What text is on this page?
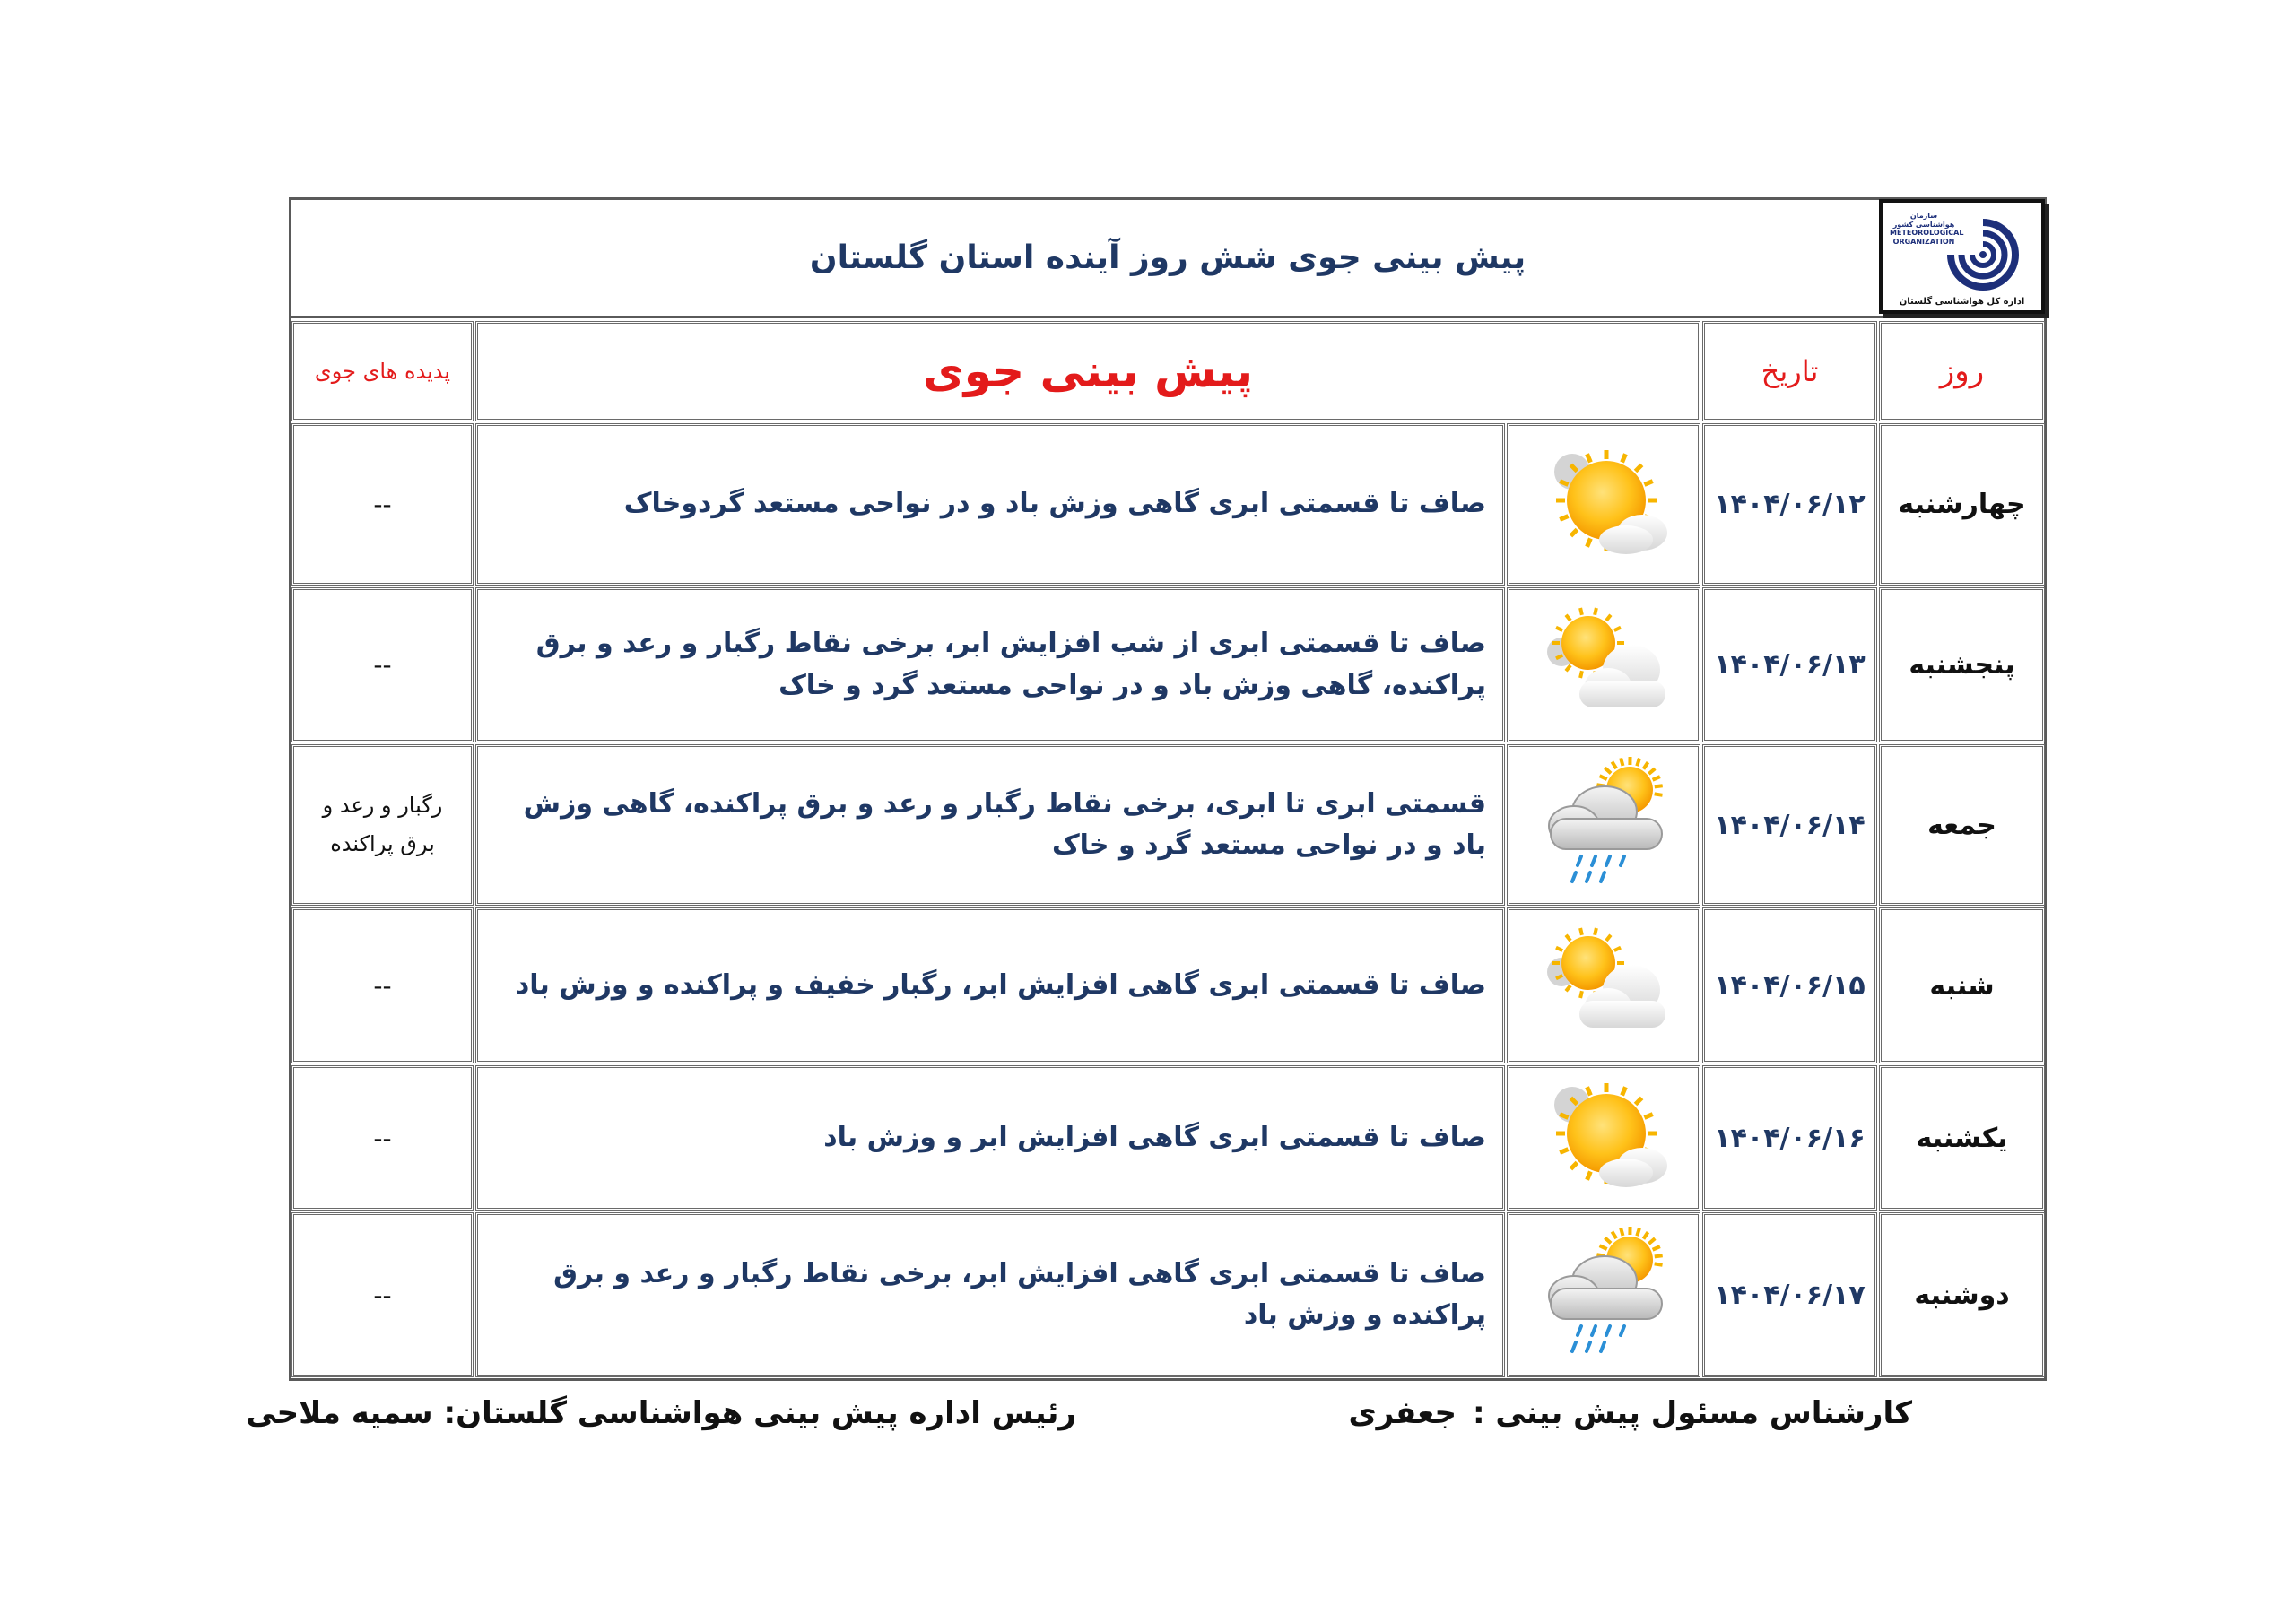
پیش بینی جوی شش روز آینده استان گلستان
سازمان هواشناسی کشور
METEOROLOGICAL ORGANIZATION
اداره کل هواشناسی گلستان
روز
تاریخ
پیش بینی جوی
پدیده های جوی
چهارشنبه
۱۴۰۴/۰۶/۱۲
صاف تا قسمتی ابری گاهی وزش باد و در نواحی مستعد گردوخاک
--
پنجشنبه
۱۴۰۴/۰۶/۱۳
صاف تا قسمتی ابری از شب افزایش ابر، برخی نقاط رگبار و رعد و برق پراکنده، گاهی وزش باد و در نواحی مستعد گرد و خاک
--
جمعه
۱۴۰۴/۰۶/۱۴
قسمتی ابری تا ابری، برخی نقاط رگبار و رعد و برق پراکنده، گاهی وزش باد و در نواحی مستعد گرد و خاک
رگبار و رعد و برق پراکنده
شنبه
۱۴۰۴/۰۶/۱۵
صاف تا قسمتی ابری گاهی افزایش ابر، رگبار خفیف و پراکنده و وزش باد
--
یکشنبه
۱۴۰۴/۰۶/۱۶
صاف تا قسمتی ابری گاهی افزایش ابر و وزش باد
--
دوشنبه
۱۴۰۴/۰۶/۱۷
صاف تا قسمتی ابری گاهی افزایش ابر، برخی نقاط رگبار و رعد و برق پراکنده و وزش باد
--
کارشناس مسئول پیش بینی :
جعفری
رئیس اداره پیش بینی هواشناسی گلستان:
سمیه ملاحی
